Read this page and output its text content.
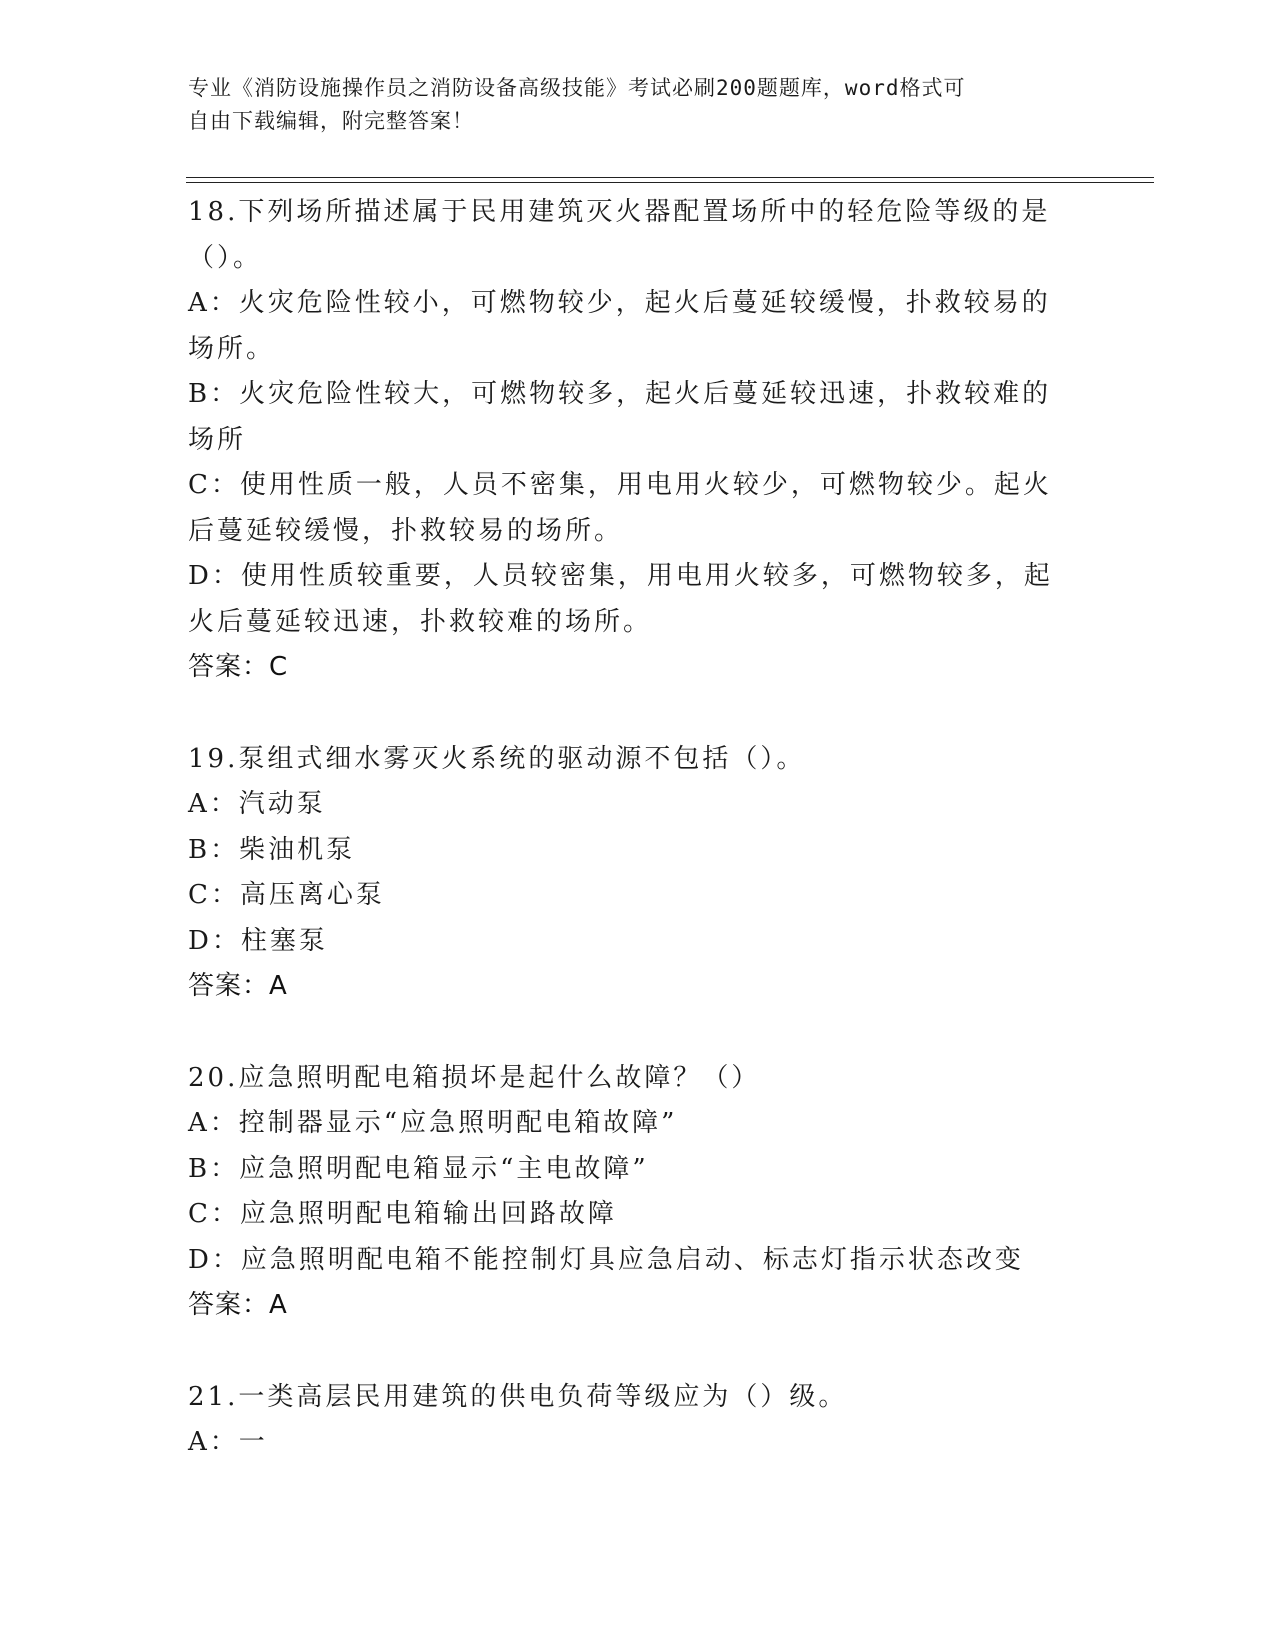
专业《消防设施操作员之消防设备高级技能》考试必刷200题题库，word格式可
自由下载编辑，附完整答案！
18.下列场所描述属于民用建筑灭火器配置场所中的轻危险等级的是（）。
A：火灾危险性较小，可燃物较少，起火后蔓延较缓慢，扑救较易的场所。
B：火灾危险性较大，可燃物较多，起火后蔓延较迅速，扑救较难的场所
C：使用性质一般，人员不密集，用电用火较少，可燃物较少。起火后蔓延较缓慢，扑救较易的场所。
D：使用性质较重要，人员较密集，用电用火较多，可燃物较多，起火后蔓延较迅速，扑救较难的场所。
答案：C
19.泵组式细水雾灭火系统的驱动源不包括（）。
A：汽动泵
B：柴油机泵
C：高压离心泵
D：柱塞泵
答案：A
20.应急照明配电箱损坏是起什么故障？（）
A：控制器显示“应急照明配电箱故障”
B：应急照明配电箱显示“主电故障”
C：应急照明配电箱输出回路故障
D：应急照明配电箱不能控制灯具应急启动、标志灯指示状态改变
答案：A
21.一类高层民用建筑的供电负荷等级应为（）级。
A：一
